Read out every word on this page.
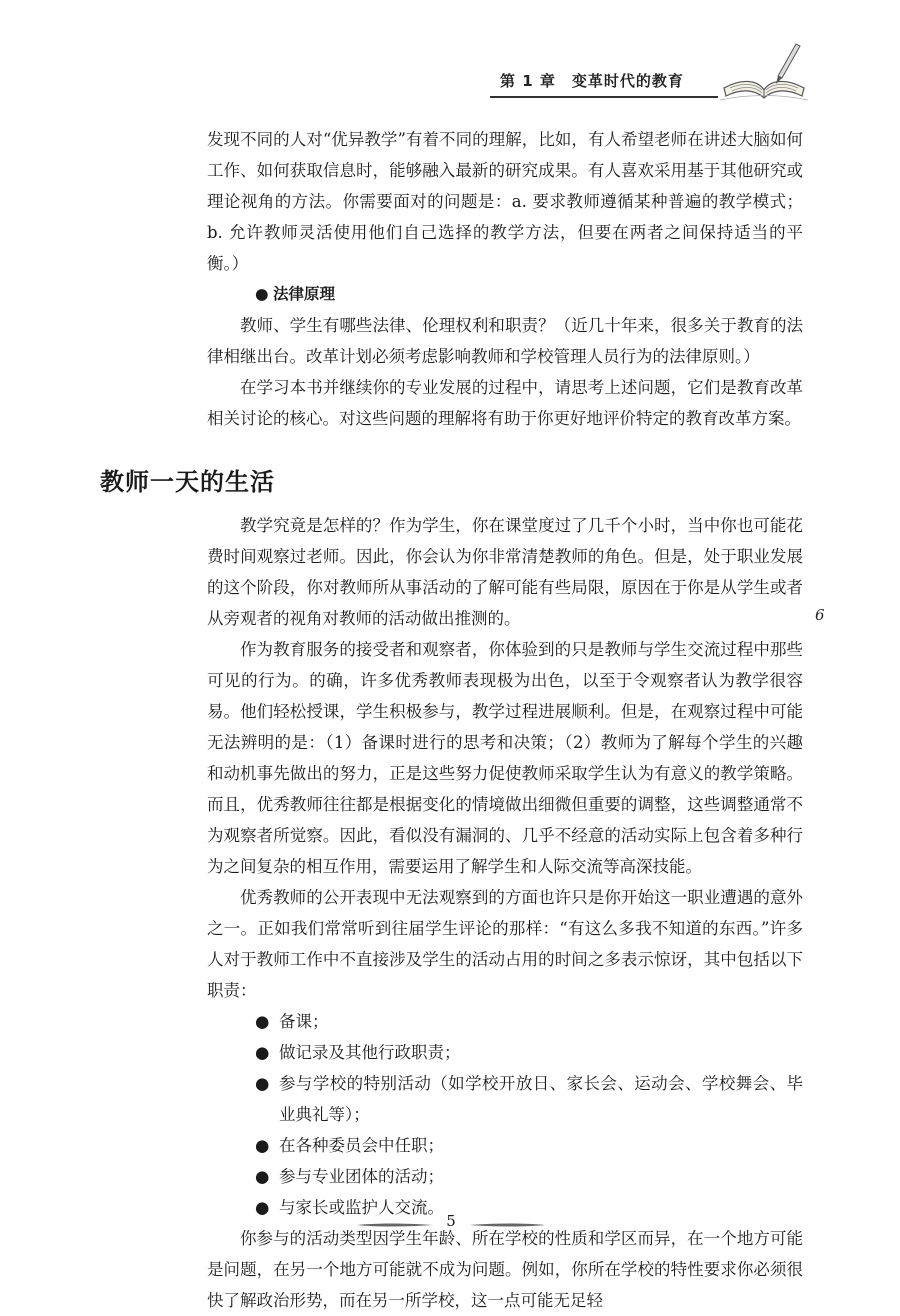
第 1 章　变革时代的教育

发现不同的人对“优异教学”有着不同的理解，比如，有人希望老师在讲述大脑如何工作、如何获取信息时，能够融入最新的研究成果。有人喜欢采用基于其他研究或理论视角的方法。你需要面对的问题是：a. 要求教师遵循某种普遍的教学模式；b. 允许教师灵活使用他们自己选择的教学方法，但要在两者之间保持适当的平衡。）

● 法律原理

教师、学生有哪些法律、伦理权利和职责？（近几十年来，很多关于教育的法律相继出台。改革计划必须考虑影响教师和学校管理人员行为的法律原则。）

在学习本书并继续你的专业发展的过程中，请思考上述问题，它们是教育改革相关讨论的核心。对这些问题的理解将有助于你更好地评价特定的教育改革方案。

教师一天的生活

教学究竟是怎样的？作为学生，你在课堂度过了几千个小时，当中你也可能花费时间观察过老师。因此，你会认为你非常清楚教师的角色。但是，处于职业发展的这个阶段，你对教师所从事活动的了解可能有些局限，原因在于你是从学生或者从旁观者的视角对教师的活动做出推测的。

作为教育服务的接受者和观察者，你体验到的只是教师与学生交流过程中那些可见的行为。的确，许多优秀教师表现极为出色，以至于令观察者认为教学很容易。他们轻松授课，学生积极参与，教学过程进展顺利。但是，在观察过程中可能无法辨明的是：（1）备课时进行的思考和决策；（2）教师为了解每个学生的兴趣和动机事先做出的努力，正是这些努力促使教师采取学生认为有意义的教学策略。而且，优秀教师往往都是根据变化的情境做出细微但重要的调整，这些调整通常不为观察者所觉察。因此，看似没有漏洞的、几乎不经意的活动实际上包含着多种行为之间复杂的相互作用，需要运用了解学生和人际交流等高深技能。

优秀教师的公开表现中无法观察到的方面也许只是你开始这一职业遭遇的意外之一。正如我们常常听到往届学生评论的那样：“有这么多我不知道的东西。”许多人对于教师工作中不直接涉及学生的活动占用的时间之多表示惊讶，其中包括以下职责：

● 备课；
● 做记录及其他行政职责；
● 参与学校的特别活动（如学校开放日、家长会、运动会、学校舞会、毕业典礼等）；
● 在各种委员会中任职；
● 参与专业团体的活动；
● 与家长或监护人交流。

你参与的活动类型因学生年龄、所在学校的性质和学区而异，在一个地方可能是问题，在另一个地方可能就不成为问题。例如，你所在学校的特性要求你必须很快了解政治形势，而在另一所学校，这一点可能无足轻

6
5
